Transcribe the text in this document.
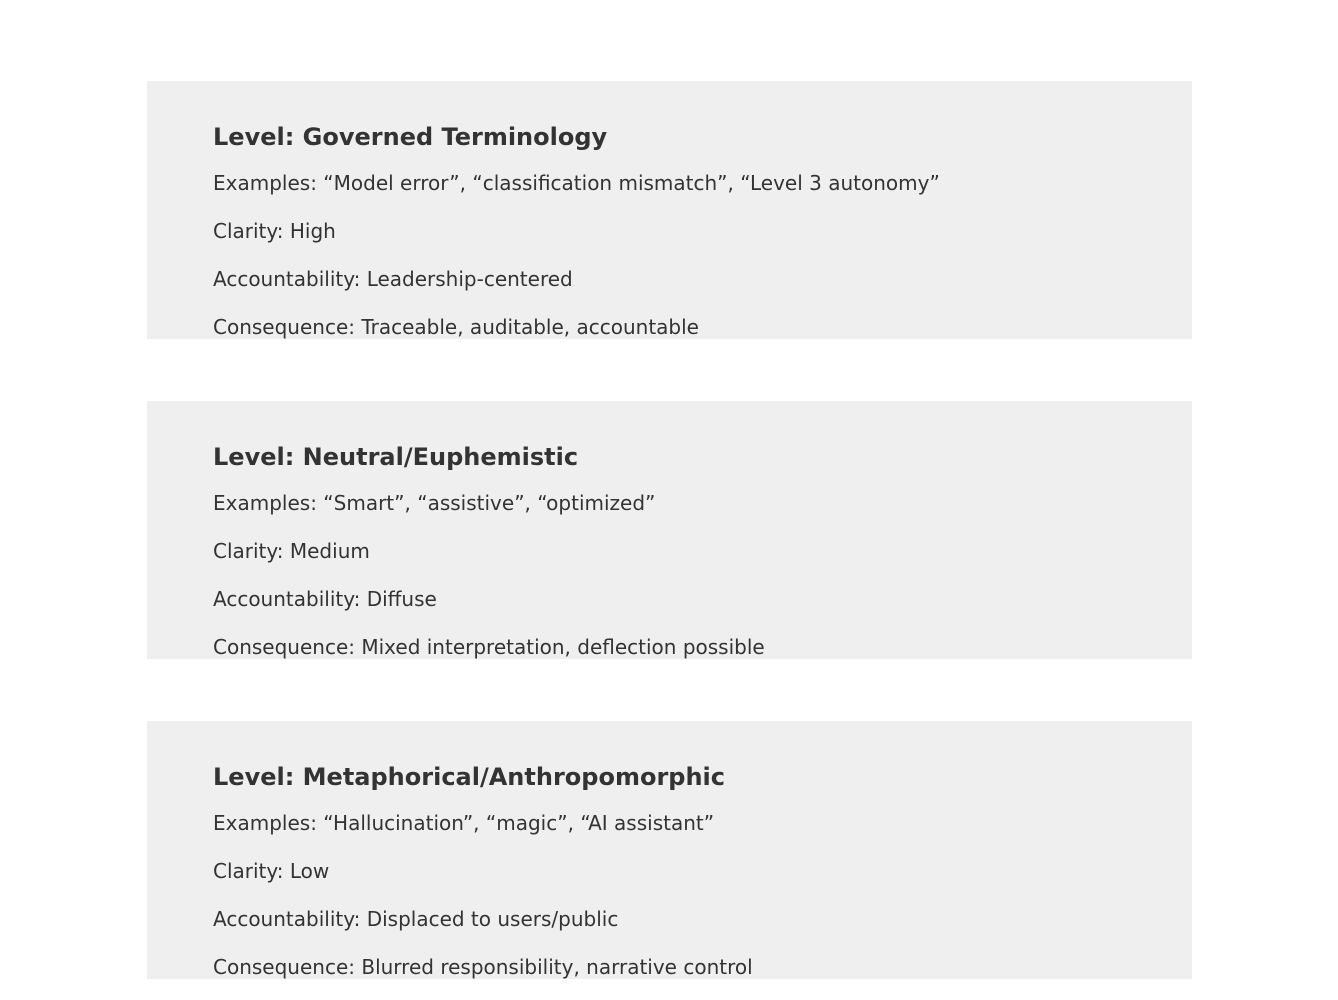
Level: Governed Terminology

Examples: “Model error”, “classification mismatch”, “Level 3 autonomy”

Clarity: High

Accountability: Leadership-centered

Consequence: Traceable, auditable, accountable

Level: Neutral/Euphemistic

Examples: “Smart”, “assistive”, “optimized”

Clarity: Medium

Accountability: Diffuse

Consequence: Mixed interpretation, deflection possible

Level: Metaphorical/Anthropomorphic

Examples: “Hallucination”, “magic”, “AI assistant”

Clarity: Low

Accountability: Displaced to users/public

Consequence: Blurred responsibility, narrative control
